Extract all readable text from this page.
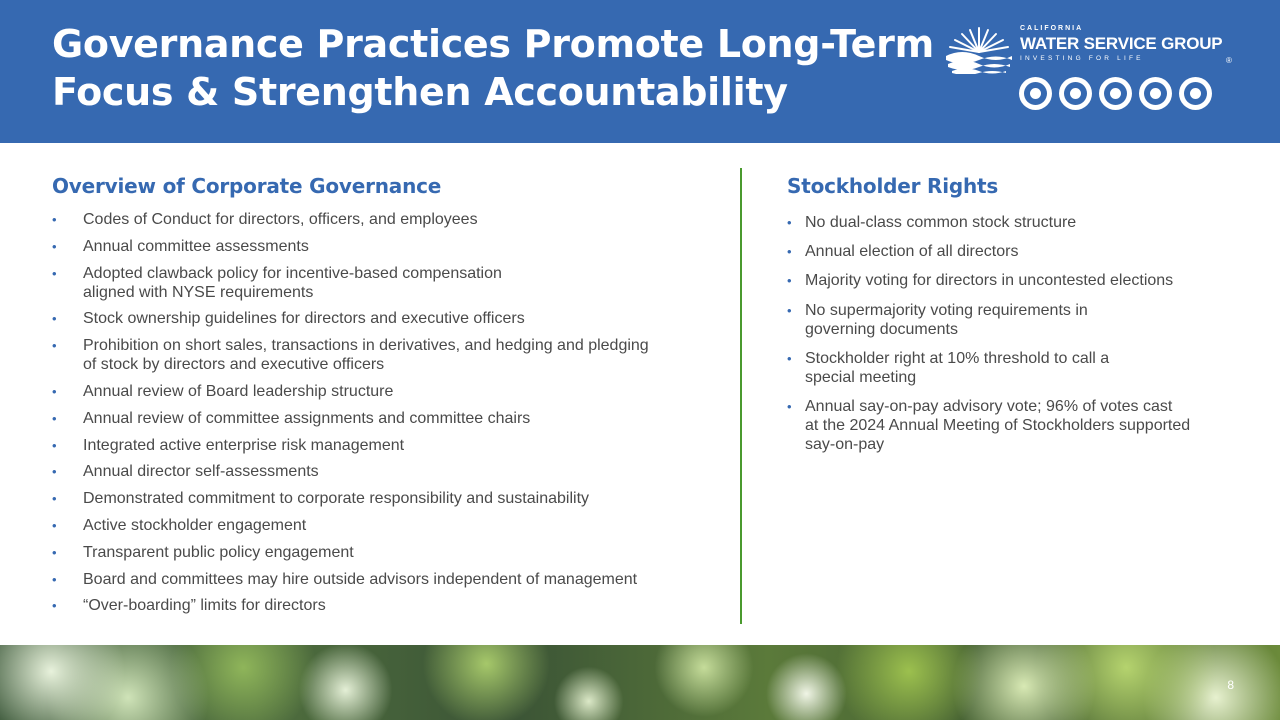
Governance Practices Promote Long-Term
Focus & Strengthen Accountability
CALIFORNIA
WATER SERVICE GROUP
INVESTING FOR LIFE	®
Overview of Corporate Governance
• Codes of Conduct for directors, officers, and employees
• Annual committee assessments
• Adopted clawback policy for incentive-based compensation
aligned with NYSE requirements
• Stock ownership guidelines for directors and executive officers
• Prohibition on short sales, transactions in derivatives, and hedging and pledging
of stock by directors and executive officers
• Annual review of Board leadership structure
• Annual review of committee assignments and committee chairs
• Integrated active enterprise risk management
• Annual director self-assessments
• Demonstrated commitment to corporate responsibility and sustainability
• Active stockholder engagement
• Transparent public policy engagement
• Board and committees may hire outside advisors independent of management
• “Over-boarding” limits for directors
Stockholder Rights
• No dual-class common stock structure
• Annual election of all directors
• Majority voting for directors in uncontested elections
• No supermajority voting requirements in
governing documents
• Stockholder right at 10% threshold to call a
special meeting
• Annual say-on-pay advisory vote; 96% of votes cast
at the 2024 Annual Meeting of Stockholders supported
say-on-pay
8
